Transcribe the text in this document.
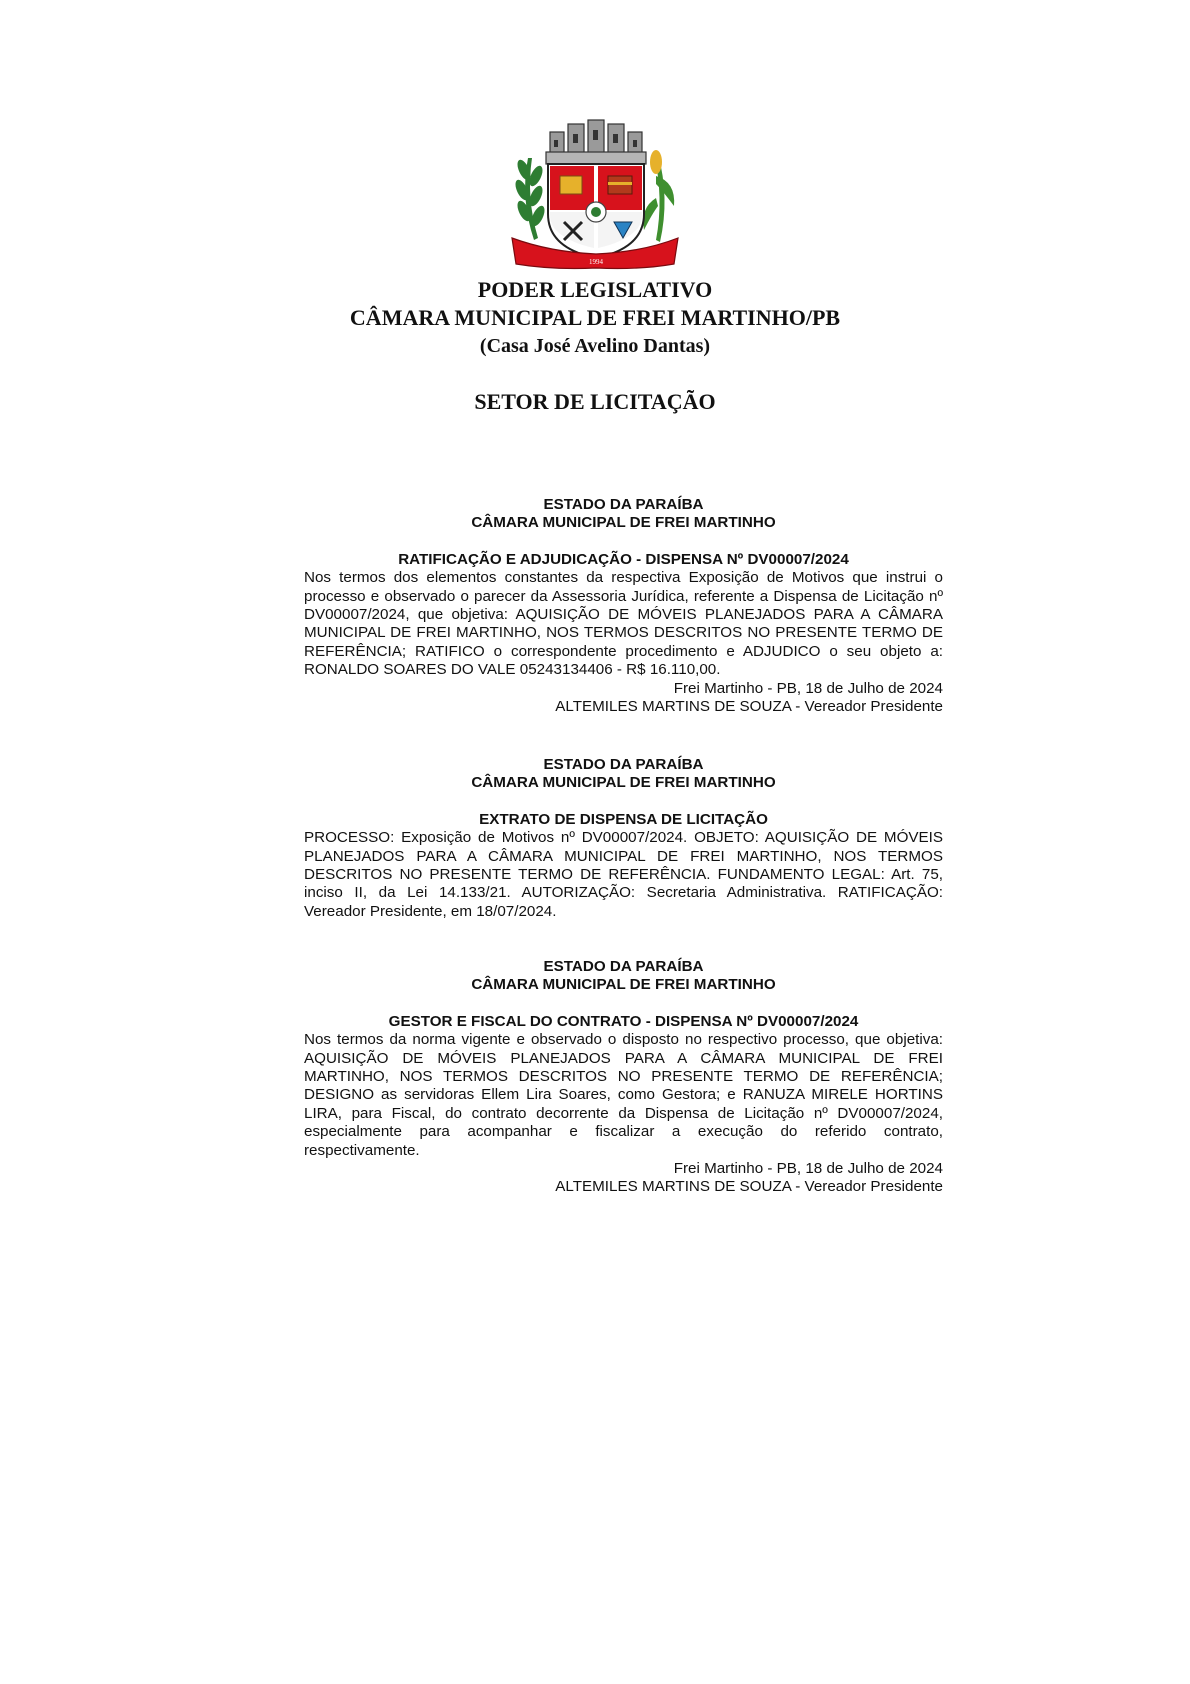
1994
PODER LEGISLATIVO
CÂMARA MUNICIPAL DE FREI MARTINHO/PB
(Casa José Avelino Dantas)
SETOR DE LICITAÇÃO

ESTADO DA PARAÍBA

CÂMARA MUNICIPAL DE FREI MARTINHO

RATIFICAÇÃO E ADJUDICAÇÃO - DISPENSA Nº DV00007/2024

Nos termos dos elementos constantes da respectiva Exposição de Motivos que instrui o processo e observado o parecer da Assessoria Jurídica, referente a Dispensa de Licitação nº DV00007/2024, que objetiva: AQUISIÇÃO DE MÓVEIS PLANEJADOS PARA A CÂMARA MUNICIPAL DE FREI MARTINHO, NOS TERMOS DESCRITOS NO PRESENTE TERMO DE REFERÊNCIA; RATIFICO o correspondente procedimento e ADJUDICO o seu objeto a: RONALDO SOARES DO VALE 05243134406 - R$ 16.110,00.

Frei Martinho - PB, 18 de Julho de 2024

ALTEMILES MARTINS DE SOUZA - Vereador Presidente

ESTADO DA PARAÍBA

CÂMARA MUNICIPAL DE FREI MARTINHO

EXTRATO DE DISPENSA DE LICITAÇÃO

PROCESSO: Exposição de Motivos nº DV00007/2024. OBJETO: AQUISIÇÃO DE MÓVEIS PLANEJADOS PARA A CÂMARA MUNICIPAL DE FREI MARTINHO, NOS TERMOS DESCRITOS NO PRESENTE TERMO DE REFERÊNCIA. FUNDAMENTO LEGAL: Art. 75, inciso II, da Lei 14.133/21. AUTORIZAÇÃO: Secretaria Administrativa. RATIFICAÇÃO: Vereador Presidente, em 18/07/2024.

ESTADO DA PARAÍBA

CÂMARA MUNICIPAL DE FREI MARTINHO

GESTOR E FISCAL DO CONTRATO - DISPENSA Nº DV00007/2024

Nos termos da norma vigente e observado o disposto no respectivo processo, que objetiva: AQUISIÇÃO DE MÓVEIS PLANEJADOS PARA A CÂMARA MUNICIPAL DE FREI MARTINHO, NOS TERMOS DESCRITOS NO PRESENTE TERMO DE REFERÊNCIA; DESIGNO as servidoras Ellem Lira Soares, como Gestora; e RANUZA MIRELE HORTINS LIRA, para Fiscal, do contrato decorrente da Dispensa de Licitação nº DV00007/2024, especialmente para acompanhar e fiscalizar a execução do referido contrato, respectivamente.

Frei Martinho - PB, 18 de Julho de 2024

ALTEMILES MARTINS DE SOUZA - Vereador Presidente
